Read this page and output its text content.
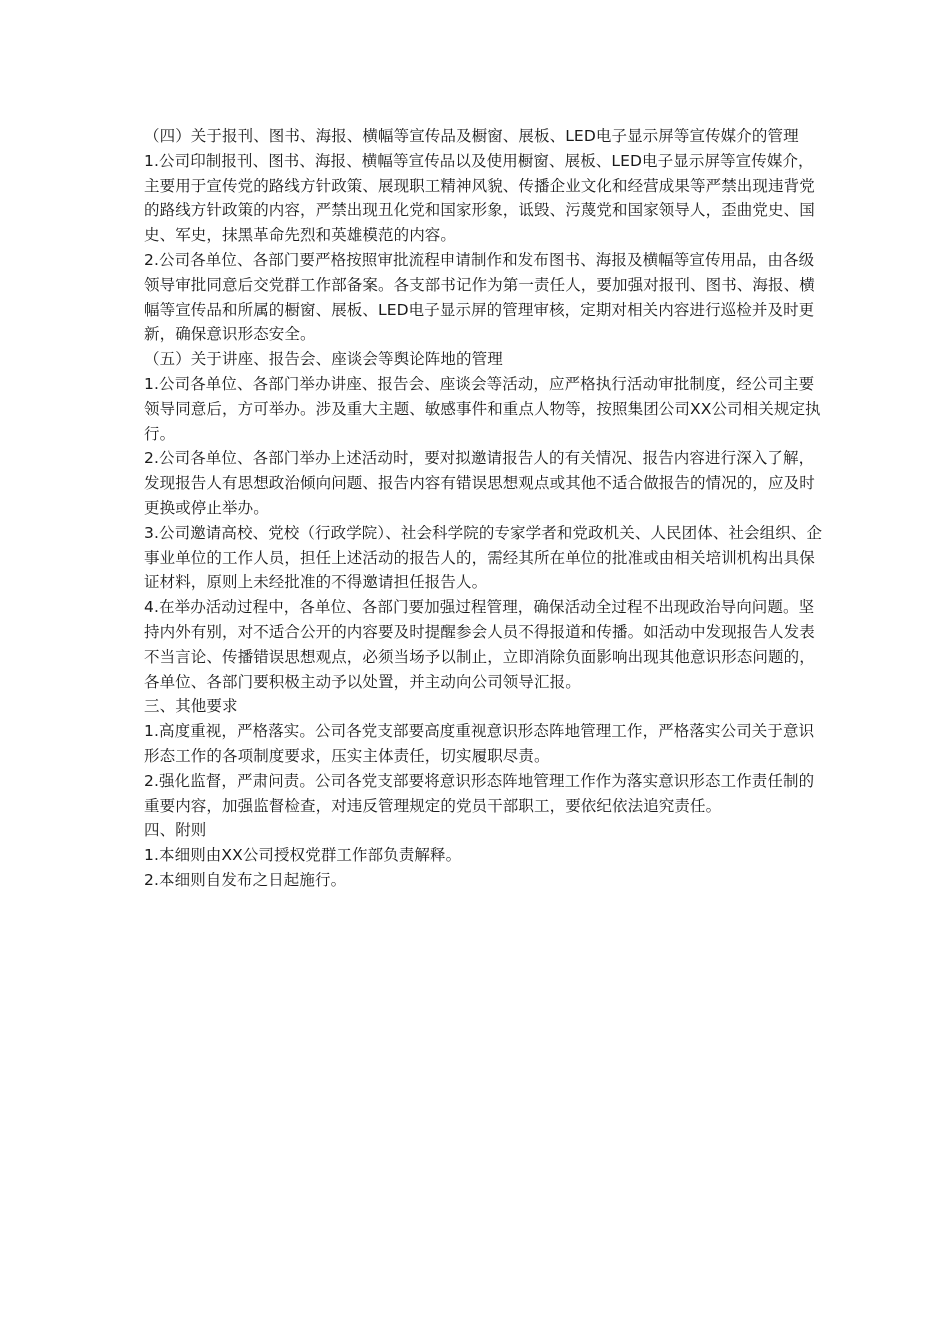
（四）关于报刊、图书、海报、横幅等宣传品及橱窗、展板、LED电子显示屏等宣传媒介的管理

1.公司印制报刊、图书、海报、横幅等宣传品以及使用橱窗、展板、LED电子显示屏等宣传媒介，主要用于宣传党的路线方针政策、展现职工精神风貌、传播企业文化和经营成果等严禁出现违背党的路线方针政策的内容，严禁出现丑化党和国家形象，诋毁、污蔑党和国家领导人，歪曲党史、国史、军史，抹黑革命先烈和英雄模范的内容。

2.公司各单位、各部门要严格按照审批流程申请制作和发布图书、海报及横幅等宣传用品，由各级领导审批同意后交党群工作部备案。各支部书记作为第一责任人，要加强对报刊、图书、海报、横幅等宣传品和所属的橱窗、展板、LED电子显示屏的管理审核，定期对相关内容进行巡检并及时更新，确保意识形态安全。

（五）关于讲座、报告会、座谈会等舆论阵地的管理

1.公司各单位、各部门举办讲座、报告会、座谈会等活动，应严格执行活动审批制度，经公司主要领导同意后，方可举办。涉及重大主题、敏感事件和重点人物等，按照集团公司XX公司相关规定执行。

2.公司各单位、各部门举办上述活动时，要对拟邀请报告人的有关情况、报告内容进行深入了解，发现报告人有思想政治倾向问题、报告内容有错误思想观点或其他不适合做报告的情况的，应及时更换或停止举办。

3.公司邀请高校、党校（行政学院）、社会科学院的专家学者和党政机关、人民团体、社会组织、企事业单位的工作人员，担任上述活动的报告人的，需经其所在单位的批准或由相关培训机构出具保证材料，原则上未经批准的不得邀请担任报告人。

4.在举办活动过程中，各单位、各部门要加强过程管理，确保活动全过程不出现政治导向问题。坚持内外有别，对不适合公开的内容要及时提醒参会人员不得报道和传播。如活动中发现报告人发表不当言论、传播错误思想观点，必须当场予以制止，立即消除负面影响出现其他意识形态问题的，各单位、各部门要积极主动予以处置，并主动向公司领导汇报。

三、其他要求

1.高度重视，严格落实。公司各党支部要高度重视意识形态阵地管理工作，严格落实公司关于意识形态工作的各项制度要求，压实主体责任，切实履职尽责。

2.强化监督，严肃问责。公司各党支部要将意识形态阵地管理工作作为落实意识形态工作责任制的重要内容，加强监督检查，对违反管理规定的党员干部职工，要依纪依法追究责任。

四、附则

1.本细则由XX公司授权党群工作部负责解释。

2.本细则自发布之日起施行。
